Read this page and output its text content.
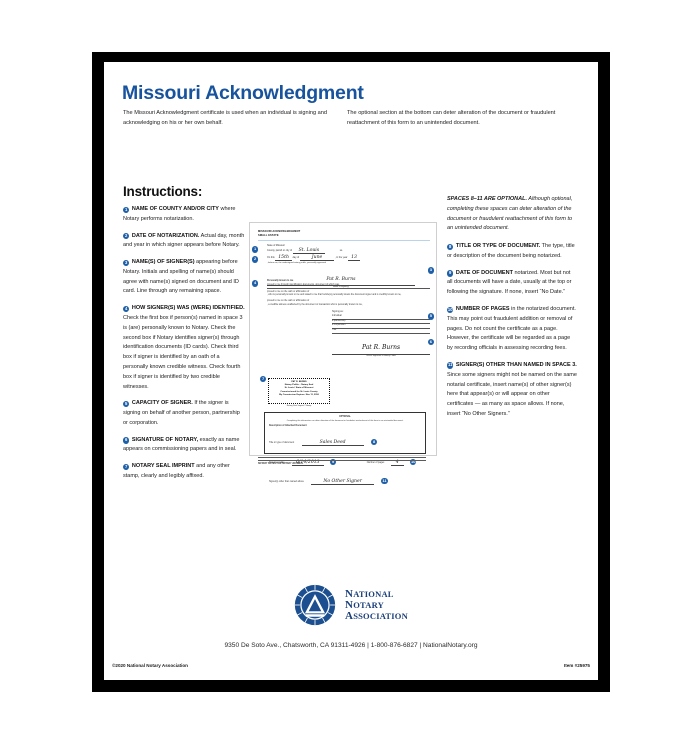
Missouri Acknowledgment
The Missouri Acknowledgment certificate is used when an individual is signing and acknowledging on his or her own behalf.
The optional section at the bottom can deter alteration of the document or fraudulent reattachment of this form to an unintended document.
Instructions:

1 NAME OF COUNTY AND/OR CITY where Notary performs notarization.

2 DATE OF NOTARIZATION. Actual day, month and year in which signer appears before Notary.

3 NAME(S) OF SIGNER(S) appearing before Notary. Initials and spelling of name(s) should agree with name(s) signed on document and ID card. Line through any remaining space.

4 HOW SIGNER(S) WAS (WERE) IDENTIFIED. Check the first box if person(s) named in space 3 is (are) personally known to Notary. Check the second box if Notary identifies signer(s) through identification documents (ID cards). Check third box if signer is identified by an oath of a personally known credible witness. Check fourth box if signer is identified by two credible witnesses.

5 CAPACITY OF SIGNER. If the signer is signing on behalf of another person, partnership or corporation.

6 SIGNATURE OF NOTARY, exactly as name appears on commissioning papers and in seal.

7 NOTARY SEAL IMPRINT and any other stamp, clearly and legibly affixed.

SPACES 8–11 ARE OPTIONAL. Although optional, completing these spaces can deter alteration of the document or fraudulent reattachment of this form to an unintended document.

8 TITLE OR TYPE OF DOCUMENT. The type, title or description of the document being notarized.

9 DATE OF DOCUMENT notarized. Most but not all documents will have a date, usually at the top or following the signature. If none, insert “No Date.”

10 NUMBER OF PAGES in the notarized document. This may point out fraudulent addition or removal of pages. Do not count the certificate as a page. However, the certificate will be regarded as a page by recording officials in assessing recording fees.

11 SIGNER(S) OTHER THAN NAMED IN SPACE 3. Since some signers might not be named on the same notarial certificate, insert name(s) of other signer(s) here that appear(s) or will appear on other certificates — as many as space allows. If none, insert “No Other Signers.”

MISSOURI ACKNOWLEDGMENT
SMALL ESTATE
1
State of Missouri
County, parish or city of St. Louis	ss.
2	On this 15th day of	June	, in the year 13
, before me, the undersigned notary public, personally appeared
3
Pat R. Burns
Name of Signer(s)
4	Personally known to me
proved to me through identification documents, document of which was
proved to me on the oath or affirmation of
, who is personally known to me and stated to me that he/she(s) personally knows the document signer and is credibly known to me,
proved to me on the oath or affirmation of
, a credible witness unaffected by the document or transaction who is personally known to me,
5
Signing as:
Individual
a partnership
a corporation
Title
6
Pat R. Burns
Official Signature of Notary Public
7
PAT R. BURNS
Notary Public – Notary Seal
St. Louis / State of Missouri
Commissioned for St. Louis County
My Commission Expires: Nov 11, 2016
Notary Seal Imprint / Stamp
OPTIONAL
Completing this information can deter alteration of the document or fraudulent reattachment of this form to an unintended document.
Description of Attached Document
Title or type of document	Sales Deed	8
Document date 6/14/2013	9	Number of pages 4	10
Signer(s) other than named above	No Other Signer	11
NOTARY NOTES FOR NOTARY JOURNAL
NATIONAL
NOTARY
ASSOCIATION
9350 De Soto Ave., Chatsworth, CA 91311-4926 | 1-800-876-6827 | NationalNotary.org
©2020 National Notary Association	Item #25975
